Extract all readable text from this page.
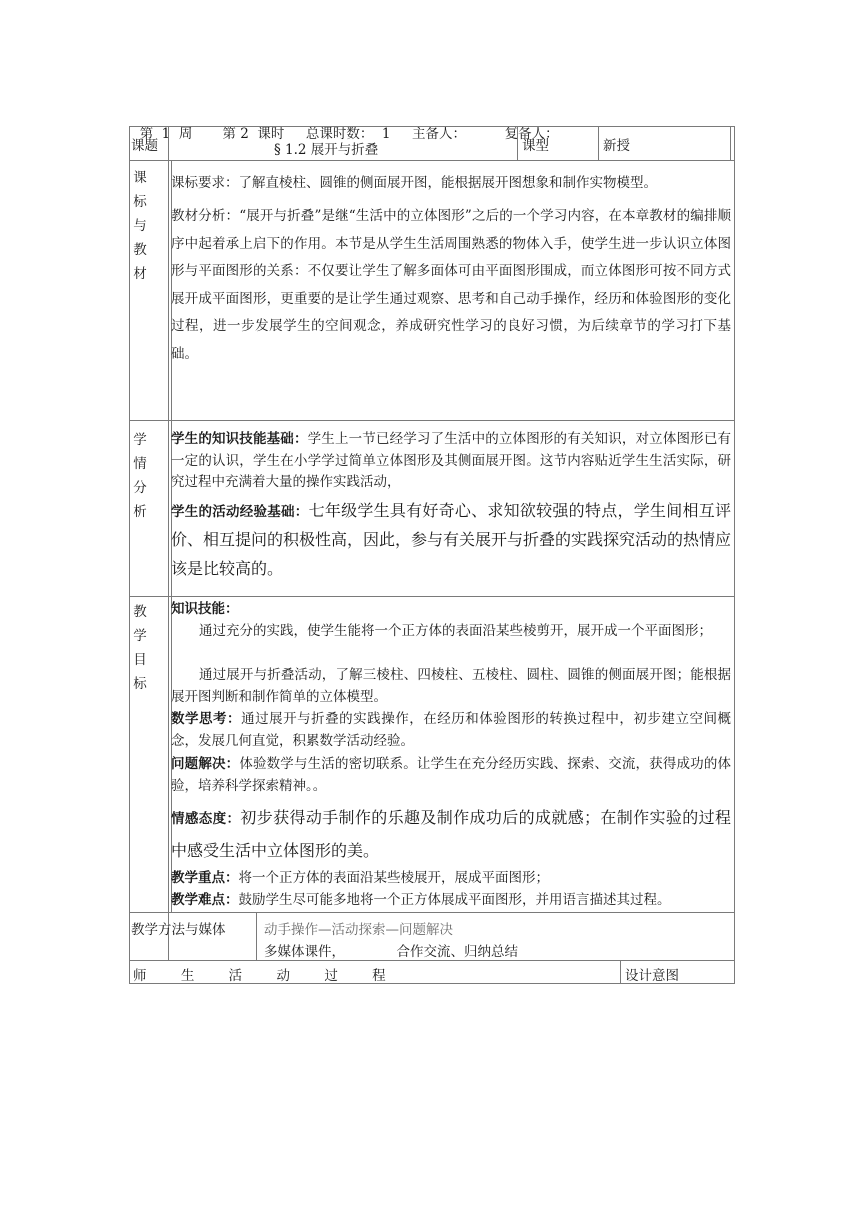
第  1  周 第 2  课时 总课时数：  1 主备人：	复备人：

课题	§ 1.2 展开与折叠	课型	新授
课
标
与
教
材
课标要求：了解直棱柱、圆锥的侧面展开图，能根据展开图想象和制作实物模型。
教材分析：“展开与折叠”是继“生活中的立体图形”之后的一个学习内容，在本章教材的编排顺序中起着承上启下的作用。本节是从学生生活周围熟悉的物体入手，使学生进一步认识立体图形与平面图形的关系：不仅要让学生了解多面体可由平面图形围成，而立体图形可按不同方式展开成平面图形，更重要的是让学生通过观察、思考和自己动手操作，经历和体验图形的变化过程，进一步发展学生的空间观念，养成研究性学习的良好习惯，为后续章节的学习打下基础。
学
情
分
析
学生的知识技能基础：学生上一节已经学习了生活中的立体图形的有关知识，对立体图形已有一定的认识，学生在小学学过简单立体图形及其侧面展开图。这节内容贴近学生生活实际，研究过程中充满着大量的操作实践活动，
学生的活动经验基础：七年级学生具有好奇心、求知欲较强的特点，学生间相互评价、相互提问的积极性高，因此，参与有关展开与折叠的实践探究活动的热情应该是比较高的。
教
学
目
标
知识技能：
通过充分的实践，使学生能将一个正方体的表面沿某些棱剪开，展开成一个平面图形；
通过展开与折叠活动，了解三棱柱、四棱柱、五棱柱、圆柱、圆锥的侧面展开图；能根据展开图判断和制作简单的立体模型。
数学思考：通过展开与折叠的实践操作，在经历和体验图形的转换过程中，初步建立空间概念，发展几何直觉，积累数学活动经验。
问题解决：体验数学与生活的密切联系。让学生在充分经历实践、探索、交流，获得成功的体验，培养科学探索精神。。
情感态度：初步获得动手制作的乐趣及制作成功后的成就感；在制作实验的过程中感受生活中立体图形的美。
教学重点：将一个正方体的表面沿某些棱展开，展成平面图形；
教学难点：鼓励学生尽可能多地将一个正方体展成平面图形，并用语言描述其过程。
教学方法与媒体	动手操作—活动探索—问题解决
多媒体课件，            合作交流、归纳总结
师        生        活        动        过        程	设计意图
